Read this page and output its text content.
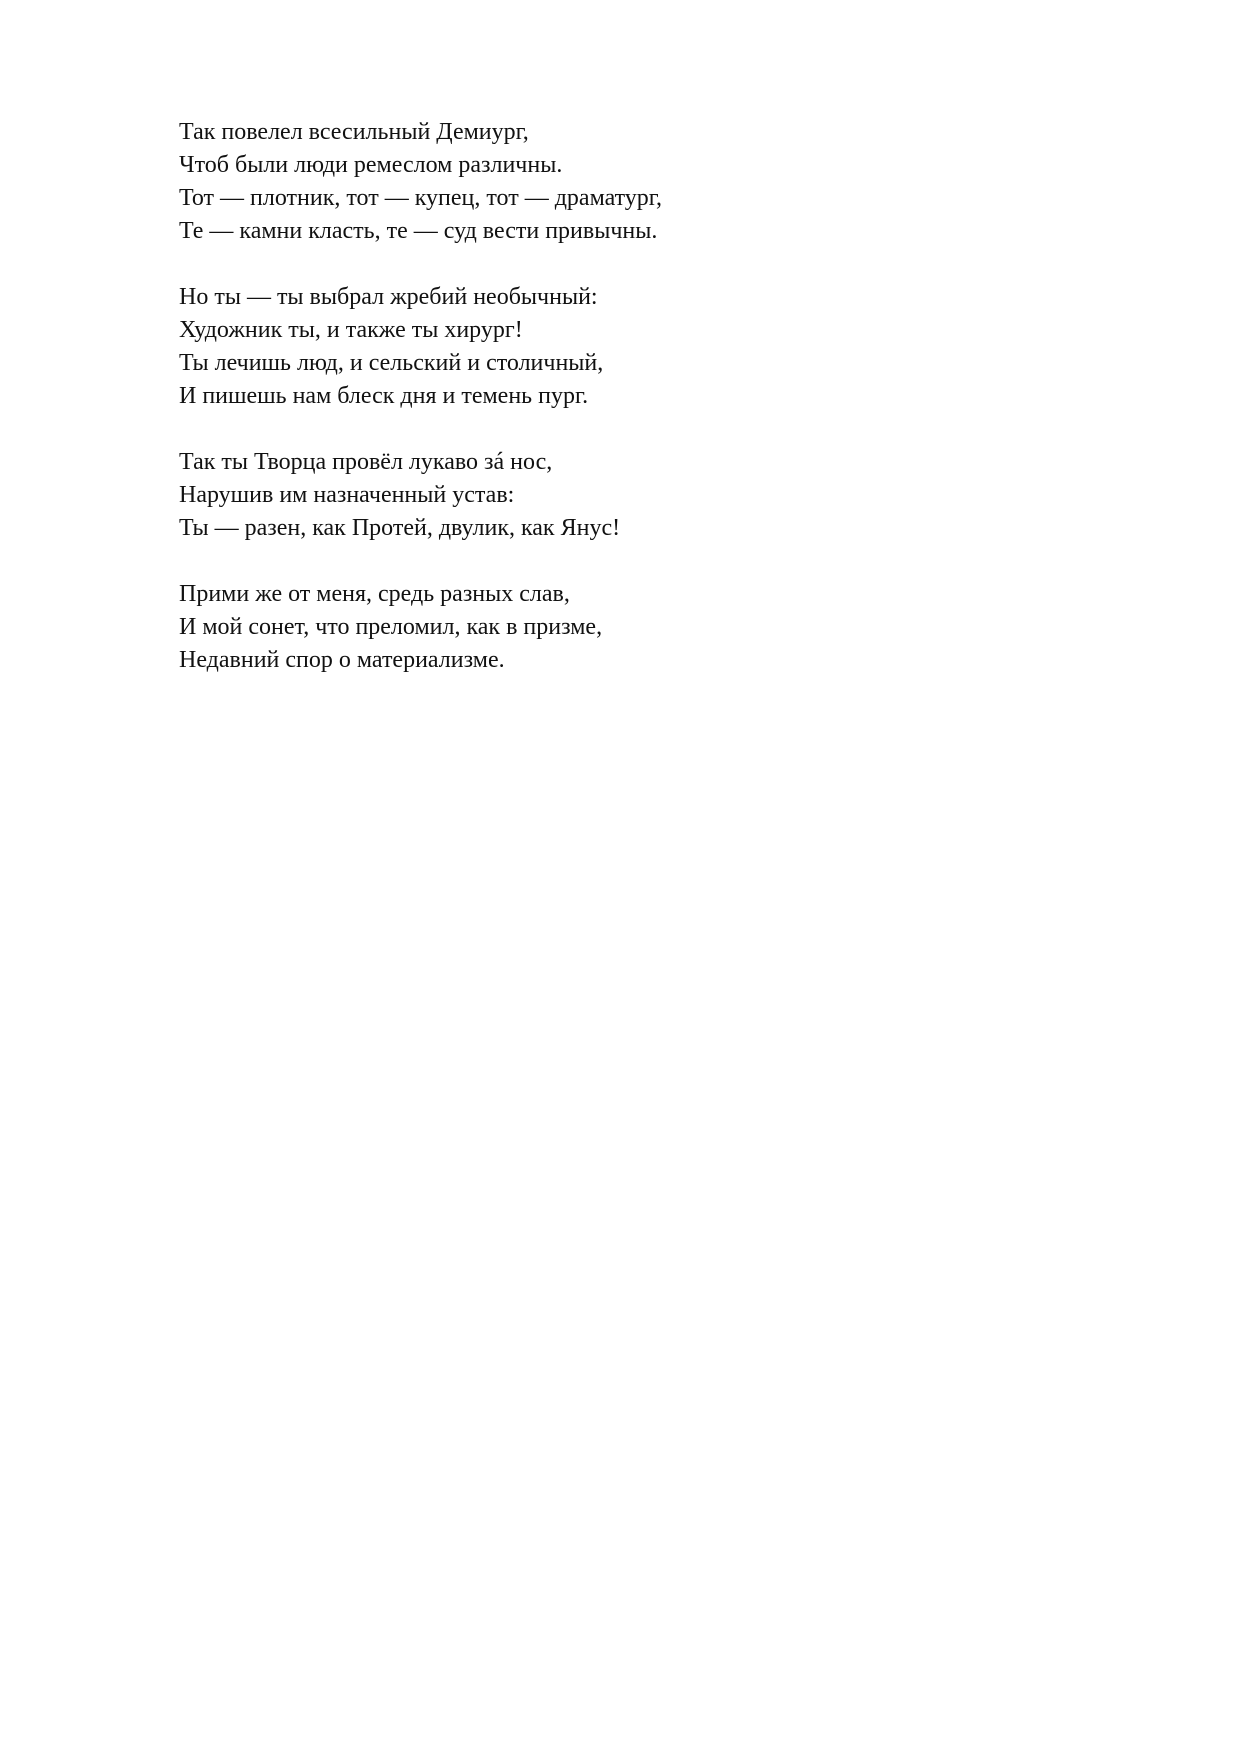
Так повелел всесильный Демиург,
Чтоб были люди ремеслом различны.
Тот — плотник, тот — купец, тот — драматург,
Те — камни класть, те — суд вести привычны.
Но ты — ты выбрал жребий необычный:
Художник ты, и также ты хирург!
Ты лечишь люд, и сельский и столичный,
И пишешь нам блеск дня и темень пург.
Так ты Творца провёл лукаво зá нос,
Нарушив им назначенный устав:
Ты — разен, как Протей, двулик, как Янус!
Прими же от меня, средь разных слав,
И мой сонет, что преломил, как в призме,
Недавний спор о материализме.
